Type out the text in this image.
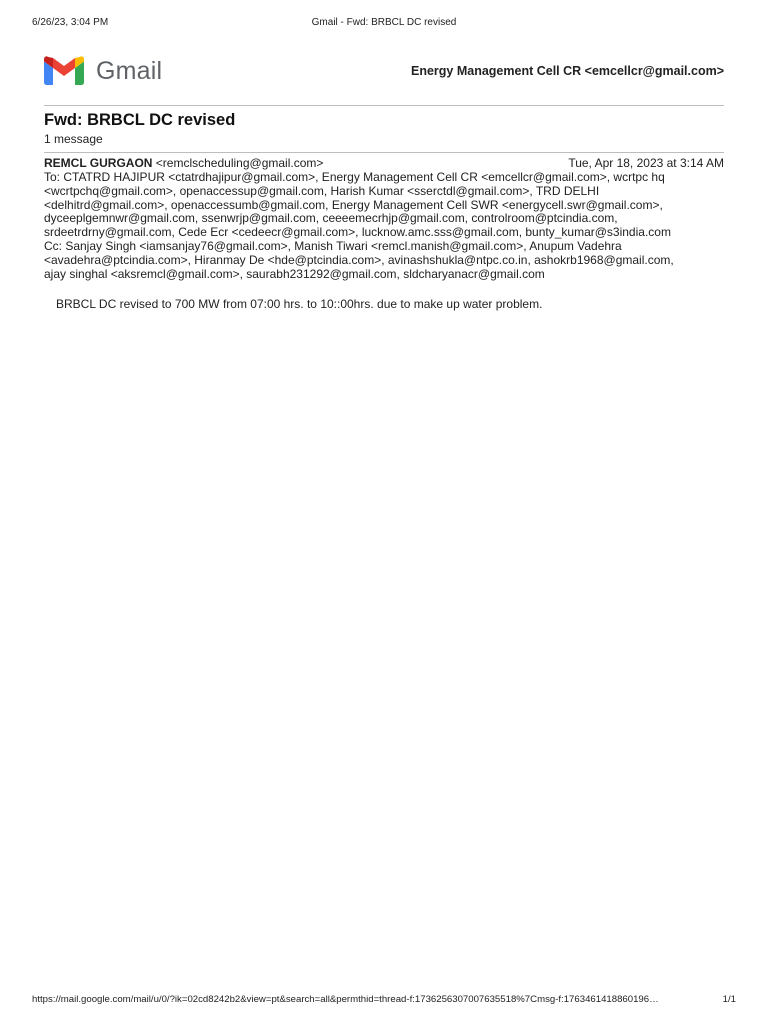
6/26/23, 3:04 PM	Gmail - Fwd: BRBCL DC revised
Gmail	Energy Management Cell CR <emcellcr@gmail.com>
Fwd: BRBCL DC revised
1 message
REMCL GURGAON <remclscheduling@gmail.com>	Tue, Apr 18, 2023 at 3:14 AM
To: CTATRD HAJIPUR <ctatrdhajipur@gmail.com>, Energy Management Cell CR <emcellcr@gmail.com>, wcrtpc hq
<wcrtpchq@gmail.com>, openaccessup@gmail.com, Harish Kumar <sserctdl@gmail.com>, TRD DELHI
<delhitrd@gmail.com>, openaccessumb@gmail.com, Energy Management Cell SWR <energycell.swr@gmail.com>,
dyceeplgemnwr@gmail.com, ssenwrjp@gmail.com, ceeeemecrhjp@gmail.com, controlroom@ptcindia.com,
srdeetrdrny@gmail.com, Cede Ecr <cedeecr@gmail.com>, lucknow.amc.sss@gmail.com, bunty_kumar@s3india.com
Cc: Sanjay Singh <iamsanjay76@gmail.com>, Manish Tiwari <remcl.manish@gmail.com>, Anupum Vadehra
<avadehra@ptcindia.com>, Hiranmay De <hde@ptcindia.com>, avinashshukla@ntpc.co.in, ashokrb1968@gmail.com,
ajay singhal <aksremcl@gmail.com>, saurabh231292@gmail.com, sldcharyanacr@gmail.com
BRBCL DC revised to 700 MW from 07:00 hrs. to 10::00hrs. due to make up water problem.
https://mail.google.com/mail/u/0/?ik=02cd8242b2&view=pt&search=all&permthid=thread-f:1736256307007635518%7Cmsg-f:1763461418860196…	1/1
